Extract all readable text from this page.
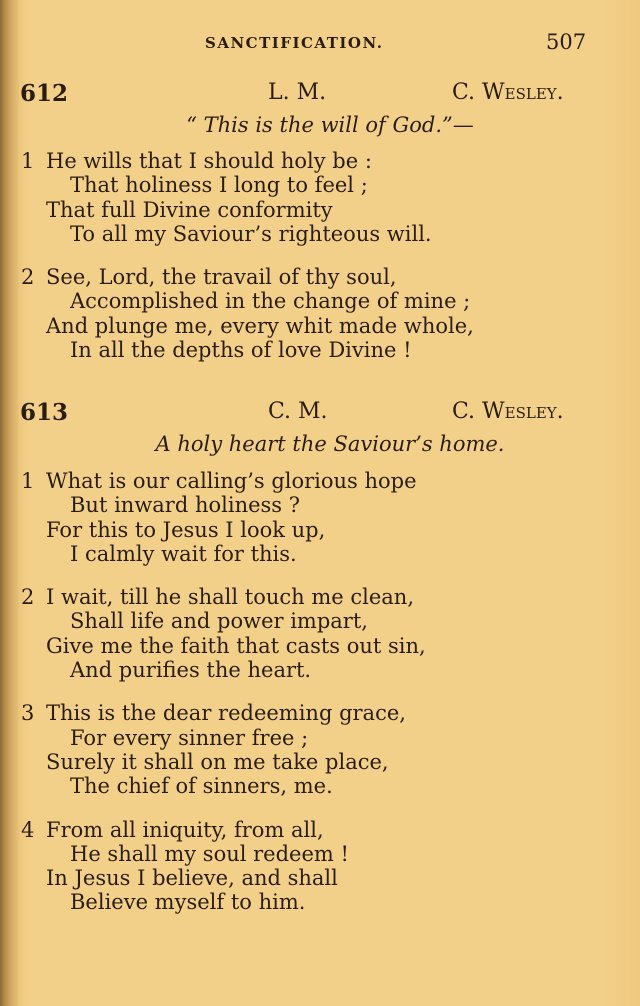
SANCTIFICATION.	507
612	L. M.	C. Wesley.
“ This is the will of God.”—
1 He wills that I should holy be :
That holiness I long to feel ;
That full Divine conformity
To all my Saviour’s righteous will.
2 See, Lord, the travail of thy soul,
Accomplished in the change of mine ;
And plunge me, every whit made whole,
In all the depths of love Divine !
613	C. M.	C. Wesley.
A holy heart the Saviour’s home.
1 What is our calling’s glorious hope
But inward holiness ?
For this to Jesus I look up,
I calmly wait for this.
2 I wait, till he shall touch me clean,
Shall life and power impart,
Give me the faith that casts out sin,
And purifies the heart.
3 This is the dear redeeming grace,
For every sinner free ;
Surely it shall on me take place,
The chief of sinners, me.
4 From all iniquity, from all,
He shall my soul redeem !
In Jesus I believe, and shall
Believe myself to him.
